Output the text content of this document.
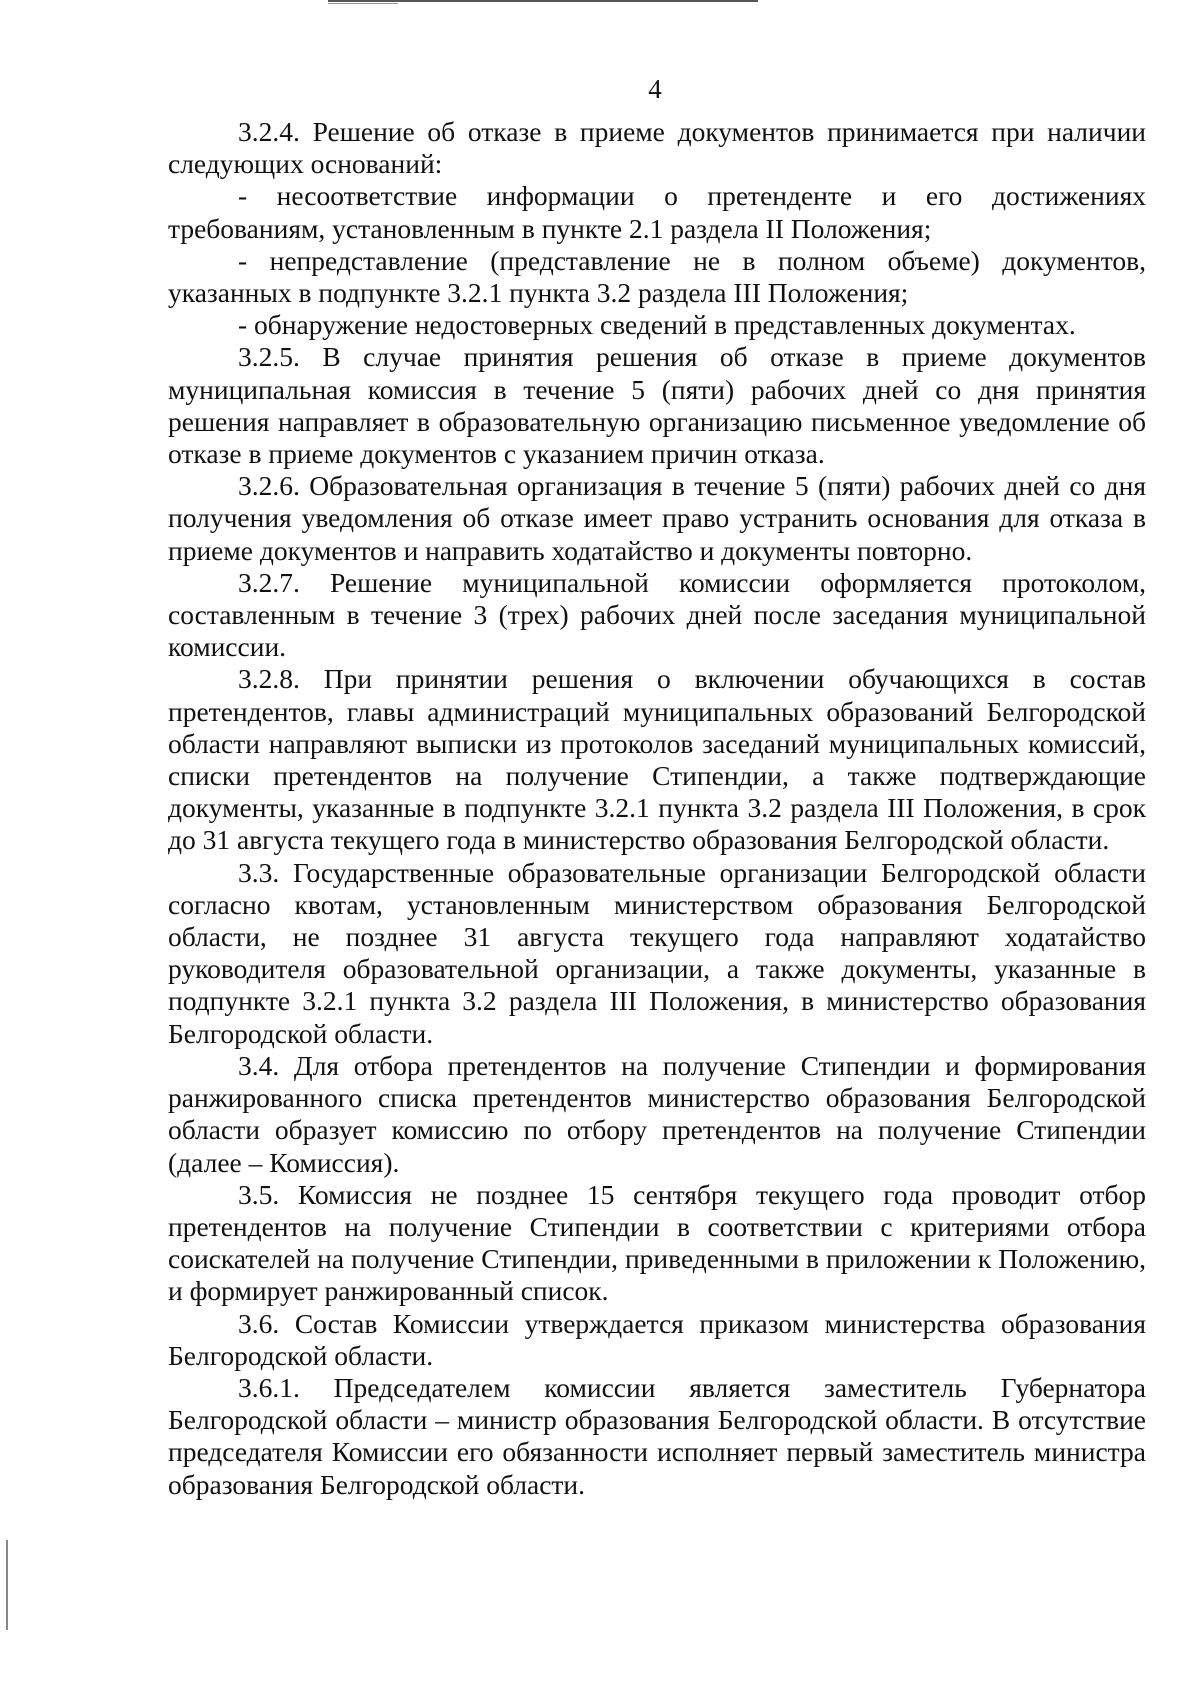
4

3.2.4. Решение об отказе в приеме документов принимается при наличии следующих оснований:

- несоответствие информации о претенденте и его достижениях требованиям, установленным в пункте 2.1 раздела II Положения;

- непредставление (представление не в полном объеме) документов, указанных в подпункте 3.2.1 пункта 3.2 раздела III Положения;

- обнаружение недостоверных сведений в представленных документах.

3.2.5. В случае принятия решения об отказе в приеме документов муниципальная комиссия в течение 5 (пяти) рабочих дней со дня принятия решения направляет в образовательную организацию письменное уведомление об отказе в приеме документов с указанием причин отказа.

3.2.6. Образовательная организация в течение 5 (пяти) рабочих дней со дня получения уведомления об отказе имеет право устранить основания для отказа в приеме документов и направить ходатайство и документы повторно.

3.2.7. Решение муниципальной комиссии оформляется протоколом, составленным в течение 3 (трех) рабочих дней после заседания муниципальной комиссии.

3.2.8. При принятии решения о включении обучающихся в состав претендентов, главы администраций муниципальных образований Белгородской области направляют выписки из протоколов заседаний муниципальных комиссий, списки претендентов на получение Стипендии, а также подтверждающие документы, указанные в подпункте 3.2.1 пункта 3.2 раздела III Положения, в срок до 31 августа текущего года в министерство образования Белгородской области.

3.3. Государственные образовательные организации Белгородской области согласно квотам, установленным министерством образования Белгородской области, не позднее 31 августа текущего года направляют ходатайство руководителя образовательной организации, а также документы, указанные в подпункте 3.2.1 пункта 3.2 раздела III Положения, в министерство образования Белгородской области.

3.4. Для отбора претендентов на получение Стипендии и формирования ранжированного списка претендентов министерство образования Белгородской области образует комиссию по отбору претендентов на получение Стипендии (далее – Комиссия).

3.5. Комиссия не позднее 15 сентября текущего года проводит отбор претендентов на получение Стипендии в соответствии с критериями отбора соискателей на получение Стипендии, приведенными в приложении к Положению, и формирует ранжированный список.

3.6. Состав Комиссии утверждается приказом министерства образования Белгородской области.

3.6.1. Председателем комиссии является заместитель Губернатора Белгородской области – министр образования Белгородской области. В отсутствие председателя Комиссии его обязанности исполняет первый заместитель министра образования Белгородской области.
